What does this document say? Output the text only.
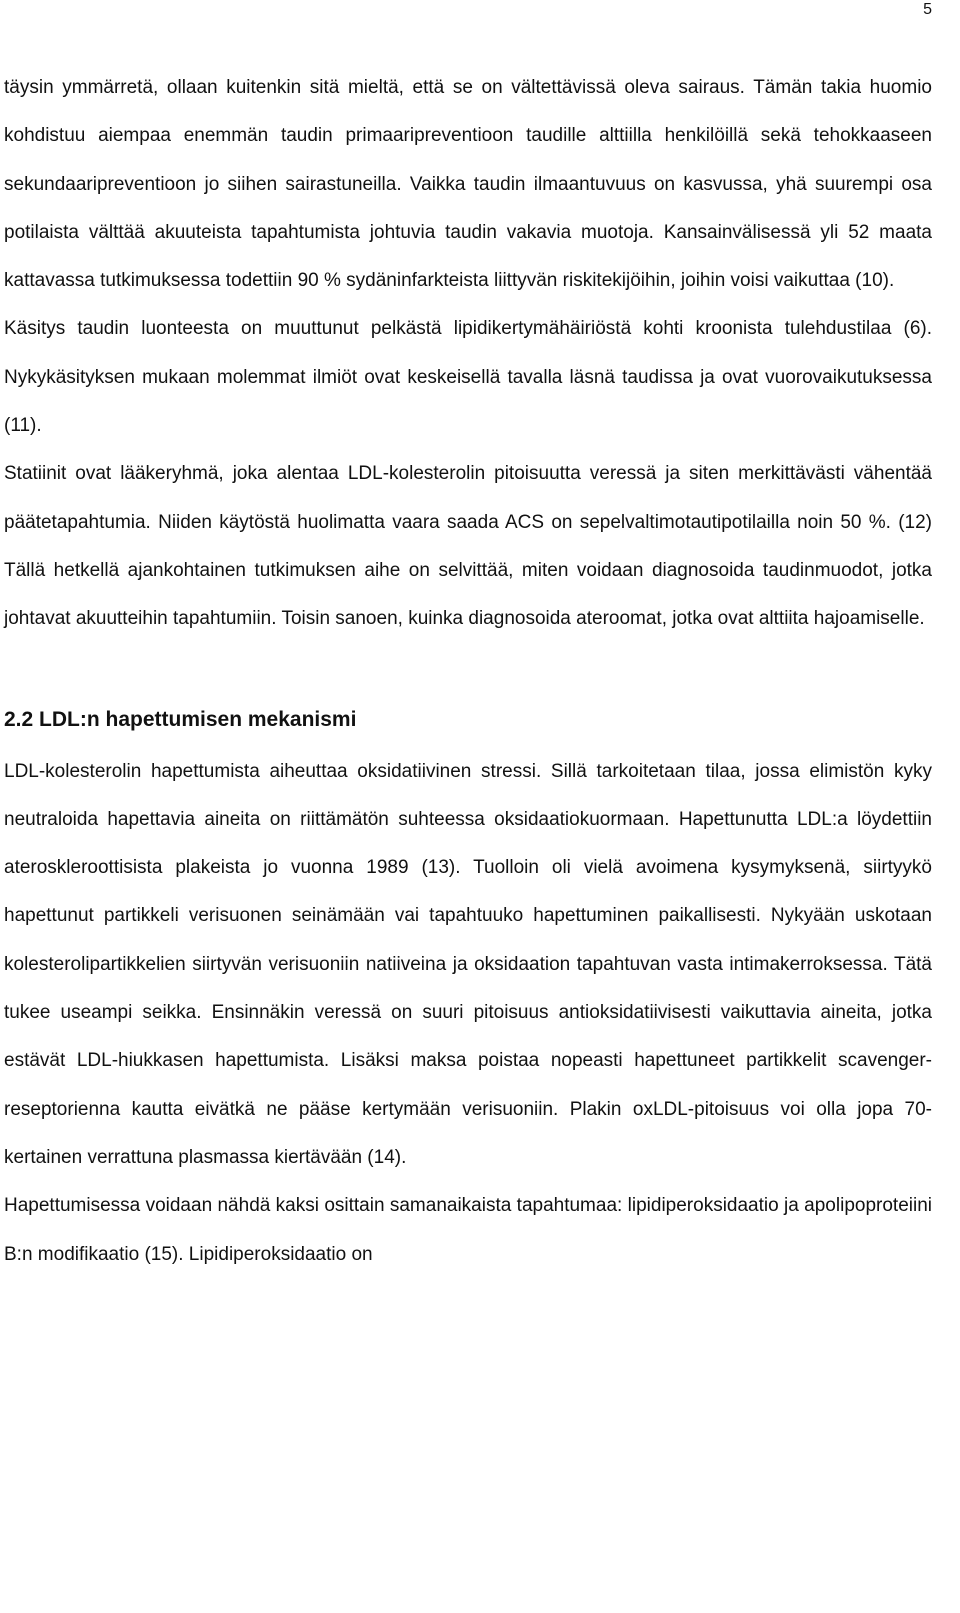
5

täysin ymmärretä, ollaan kuitenkin sitä mieltä, että se on vältettävissä oleva sairaus. Tämän takia huomio kohdistuu aiempaa enemmän taudin primaaripreventioon taudille alttiilla henkilöillä sekä tehokkaaseen sekundaaripreventioon jo siihen sairastuneilla. Vaikka taudin ilmaantuvuus on kasvussa, yhä suurempi osa potilaista välttää akuuteista tapahtumista johtuvia taudin vakavia muotoja. Kansainvälisessä yli 52 maata kattavassa tutkimuksessa todettiin 90 % sydäninfarkteista liittyvän riskitekijöihin, joihin voisi vaikuttaa (10).

Käsitys taudin luonteesta on muuttunut pelkästä lipidikertymähäiriöstä kohti kroonista tulehdustilaa (6). Nykykäsityksen mukaan molemmat ilmiöt ovat keskeisellä tavalla läsnä taudissa ja ovat vuorovaikutuksessa (11).

Statiinit ovat lääkeryhmä, joka alentaa LDL-kolesterolin pitoisuutta veressä ja siten merkittävästi vähentää päätetapahtumia. Niiden käytöstä huolimatta vaara saada ACS on sepelvaltimotautipotilailla noin 50 %. (12) Tällä hetkellä ajankohtainen tutkimuksen aihe on selvittää, miten voidaan diagnosoida taudinmuodot, jotka johtavat akuutteihin tapahtumiin. Toisin sanoen, kuinka diagnosoida ateroomat, jotka ovat alttiita hajoamiselle.

2.2 LDL:n hapettumisen mekanismi

LDL-kolesterolin hapettumista aiheuttaa oksidatiivinen stressi. Sillä tarkoitetaan tilaa, jossa elimistön kyky neutraloida hapettavia aineita on riittämätön suhteessa oksidaatiokuormaan. Hapettunutta LDL:a löydettiin ateroskleroottisista plakeista jo vuonna 1989 (13). Tuolloin oli vielä avoimena kysymyksenä, siirtyykö hapettunut partikkeli verisuonen seinämään vai tapahtuuko hapettuminen paikallisesti. Nykyään uskotaan kolesterolipartikkelien siirtyvän verisuoniin natiiveina ja oksidaation tapahtuvan vasta intimakerroksessa. Tätä tukee useampi seikka. Ensinnäkin veressä on suuri pitoisuus antioksidatiivisesti vaikuttavia aineita, jotka estävät LDL-hiukkasen hapettumista. Lisäksi maksa poistaa nopeasti hapettuneet partikkelit scavenger-reseptorienna kautta eivätkä ne pääse kertymään verisuoniin. Plakin oxLDL-pitoisuus voi olla jopa 70-kertainen verrattuna plasmassa kiertävään (14).

Hapettumisessa voidaan nähdä kaksi osittain samanaikaista tapahtumaa: lipidiperoksidaatio ja apolipoproteiini B:n modifikaatio (15). Lipidiperoksidaatio on
